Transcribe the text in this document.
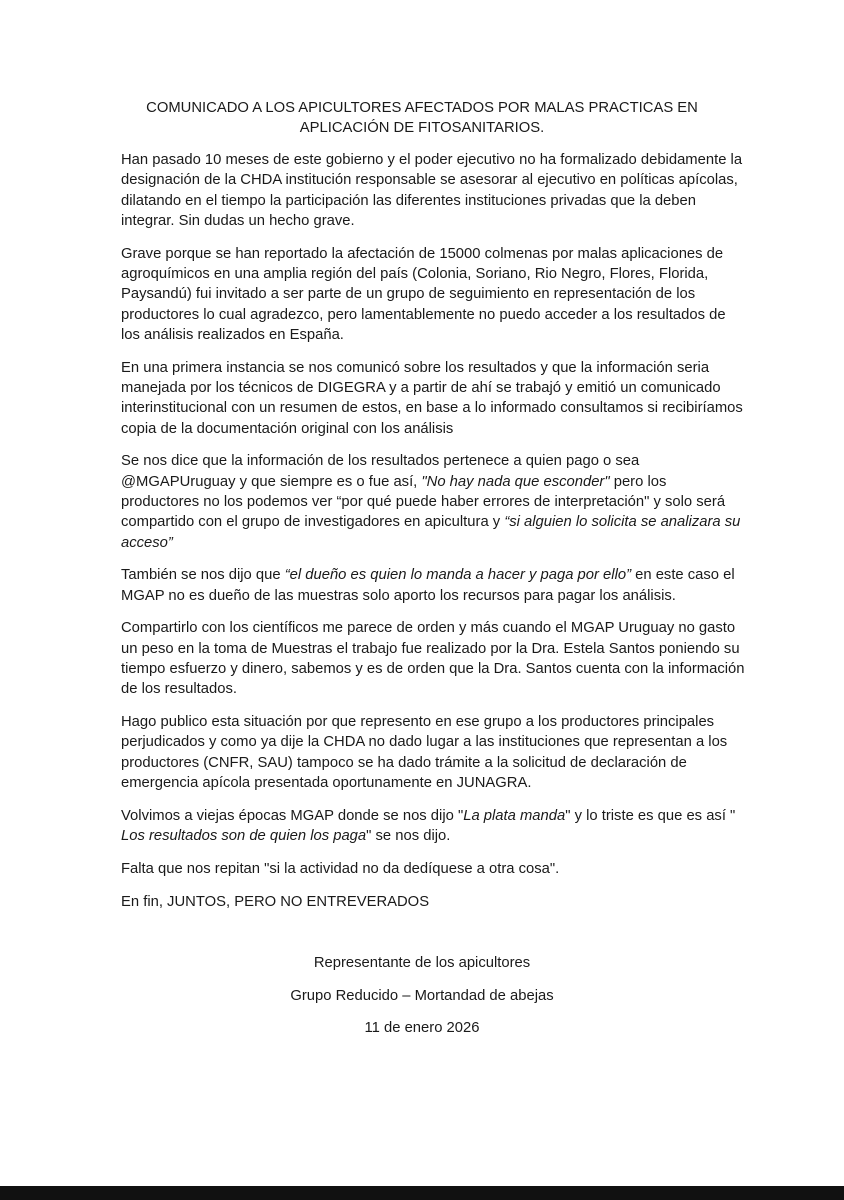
COMUNICADO A LOS APICULTORES AFECTADOS POR MALAS PRACTICAS EN
APLICACIÓN DE FITOSANITARIOS.

Han pasado 10 meses de este gobierno y el poder ejecutivo no ha formalizado debidamente la designación de la CHDA institución responsable se asesorar al ejecutivo en políticas apícolas, dilatando en el tiempo la participación las diferentes instituciones privadas que la deben integrar. Sin dudas un hecho grave.

Grave porque se han reportado la afectación de 15000 colmenas por malas aplicaciones de agroquímicos en una amplia región del país (Colonia, Soriano, Rio Negro, Flores, Florida, Paysandú) fui invitado a ser parte de un grupo de seguimiento en representación de los productores lo cual agradezco, pero lamentablemente no puedo acceder a los resultados de los análisis realizados en España.

En una primera instancia se nos comunicó sobre los resultados y que la información seria manejada por los técnicos de DIGEGRA y a partir de ahí se trabajó y emitió un comunicado interinstitucional con un resumen de estos, en base a lo informado consultamos si recibiríamos copia de la documentación original con los análisis

Se nos dice que la información de los resultados pertenece a quien pago o sea @MGAPUruguay y que siempre es o fue así, "No hay nada que esconder" pero los productores no los podemos ver “por qué puede haber errores de interpretación" y solo será compartido con el grupo de investigadores en apicultura y “si alguien lo solicita se analizara su acceso”

También se nos dijo que “el dueño es quien lo manda a hacer y paga por ello” en este caso el MGAP no es dueño de las muestras solo aporto los recursos para pagar los análisis.

Compartirlo con los científicos me parece de orden y más cuando el MGAP Uruguay no gasto un peso en la toma de Muestras el trabajo fue realizado por la Dra. Estela Santos poniendo su tiempo esfuerzo y dinero, sabemos y es de orden que la Dra. Santos cuenta con la información de los resultados.

Hago publico esta situación por que represento en ese grupo a los productores principales perjudicados y como ya dije la CHDA no dado lugar a las instituciones que representan a los productores (CNFR, SAU) tampoco se ha dado trámite a la solicitud de declaración de emergencia apícola presentada oportunamente en JUNAGRA.

Volvimos a viejas épocas MGAP donde se nos dijo "La plata manda" y lo triste es que es así " Los resultados son de quien los paga" se nos dijo.

Falta que nos repitan "si la actividad no da dedíquese a otra cosa".

En fin, JUNTOS, PERO NO ENTREVERADOS

Representante de los apicultores

Grupo Reducido – Mortandad de abejas

11 de enero 2026
